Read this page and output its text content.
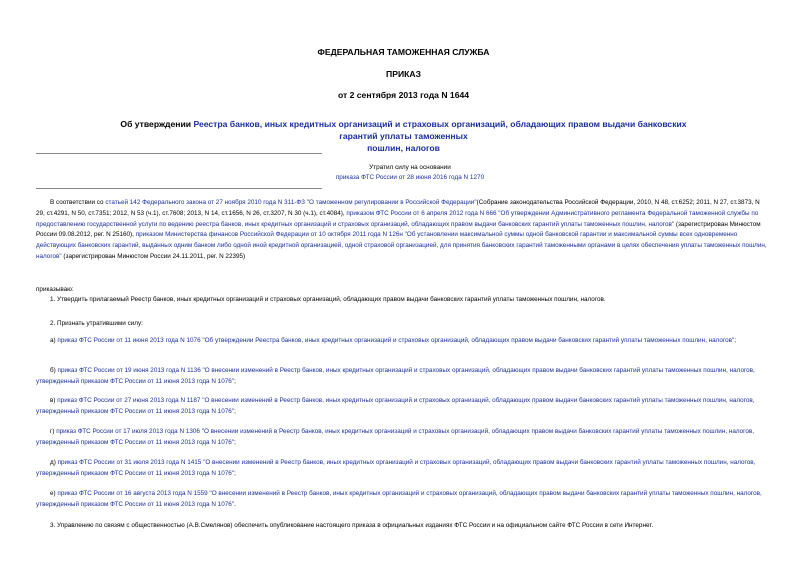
ФЕДЕРАЛЬНАЯ ТАМОЖЕННАЯ СЛУЖБА
ПРИКАЗ
от 2 сентября 2013 года N 1644
Об утверждении Реестра банков, иных кредитных организаций и страховых организаций, обладающих правом выдачи банковских гарантий уплаты таможенных
пошлин, налогов
Утратил силу на основании
приказа ФТС России от 28 июня 2016 года N 1270

В соответствии со статьей 142 Федерального закона от 27 ноября 2010 года N 311-ФЗ "О таможенном регулировании в Российской Федерации"(Собрание законодательства Российской Федерации, 2010, N 48, ст.6252; 2011, N 27, ст.3873, N 29, ст.4291, N 50, ст.7351; 2012, N 53 (ч.1), ст.7608; 2013, N 14, ст.1656, N 26, ст.3207, N 30 (ч.1), ст.4084), приказом ФТС России от 6 апреля 2012 года N 666 "Об утверждении Административного регламента Федеральной таможенной службы по предоставлению государственной услуги по ведению реестра банков, иных кредитных организаций и страховых организаций, обладающих правом выдачи банковских гарантий уплаты таможенных пошлин, налогов" (зарегистрирован Минюстом России 09.08.2012, рег. N 25160), приказом Министерства финансов Российской Федерации от 10 октября 2011 года N 126н "Об установлении максимальной суммы одной банковской гарантии и максимальной суммы всех одновременно действующих банковских гарантий, выданных одним банком либо одной иной кредитной организацией, одной страховой организацией, для принятия банковских гарантий таможенными органами в целях обеспечения уплаты таможенных пошлин, налогов" (зарегистрирован Минюстом России 24.11.2011, рег. N 22395)

приказываю:
1. Утвердить прилагаемый Реестр банков, иных кредитных организаций и страховых организаций, обладающих правом выдачи банковских гарантий уплаты таможенных пошлин, налогов.
2. Признать утратившими силу:
а) приказ ФТС России от 11 июня 2013 года N 1076 "Об утверждении Реестра банков, иных кредитных организаций и страховых организаций, обладающих правом выдачи банковских гарантий уплаты таможенных пошлин, налогов";
б) приказ ФТС России от 19 июня 2013 года N 1136 "О внесении изменений в Реестр банков, иных кредитных организаций и страховых организаций, обладающих правом выдачи банковских гарантий уплаты таможенных пошлин, налогов, утвержденный приказом ФТС России от 11 июня 2013 года N 1076";
в) приказ ФТС России от 27 июня 2013 года N 1187 "О внесении изменений в Реестр банков, иных кредитных организаций и страховых организаций, обладающих правом выдачи банковских гарантий уплаты таможенных пошлин, налогов, утвержденный приказом ФТС России от 11 июня 2013 года N 1076";
г) приказ ФТС России от 17 июля 2013 года N 1306 "О внесении изменений в Реестр банков, иных кредитных организаций и страховых организаций, обладающих правом выдачи банковских гарантий уплаты таможенных пошлин, налогов, утвержденный приказом ФТС России от 11 июня 2013 года N 1076";
д) приказ ФТС России от 31 июля 2013 года N 1415 "О внесении изменений в Реестр банков, иных кредитных организаций и страховых организаций, обладающих правом выдачи банковских гарантий уплаты таможенных пошлин, налогов, утвержденный приказом ФТС России от 11 июня 2013 года N 1076";
е) приказ ФТС России от 16 августа 2013 года N 1559 "О внесении изменений в Реестр банков, иных кредитных организаций и страховых организаций, обладающих правом выдачи банковских гарантий уплаты таможенных пошлин, налогов, утвержденный приказом ФТС России от 11 июня 2013 года N 1076".
3. Управлению по связям с общественностью (А.В.Смелянов) обеспечить опубликование настоящего приказа в официальных изданиях ФТС России и на официальном сайте ФТС России в сети Интернет.
